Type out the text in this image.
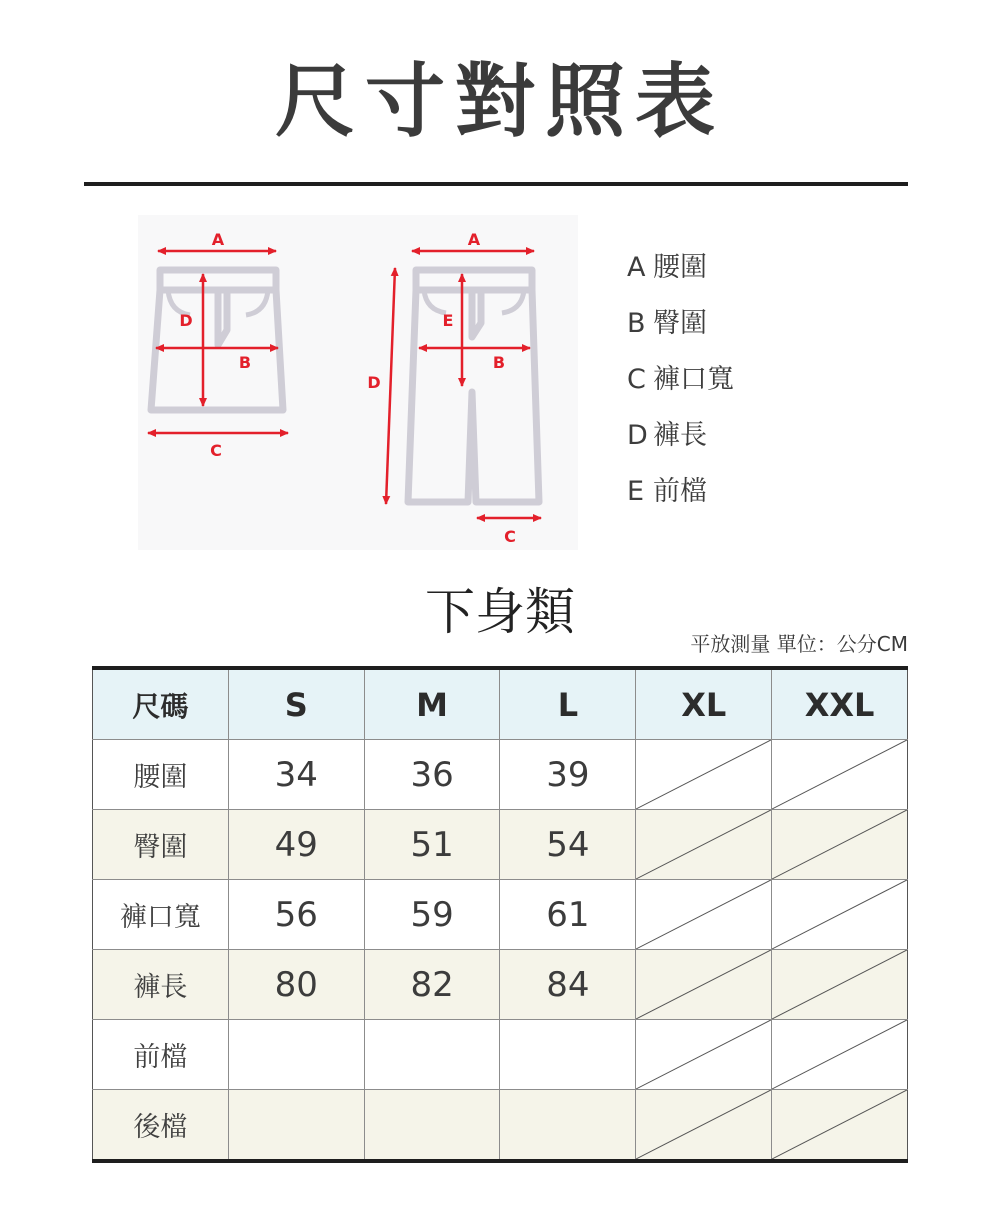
尺寸對照表
A
D
B
C
A
E
B
D
C
A 腰圍
B 臀圍
C 褲口寬
D 褲長
E 前檔
下身類
平放測量 單位：公分CM
尺碼	S	M	L	XL	XXL
腰圍	34	36	39	

臀圍	49	51	54	

褲口寬	56	59	61	

褲長	80	82	84	

前檔				

後檔				
